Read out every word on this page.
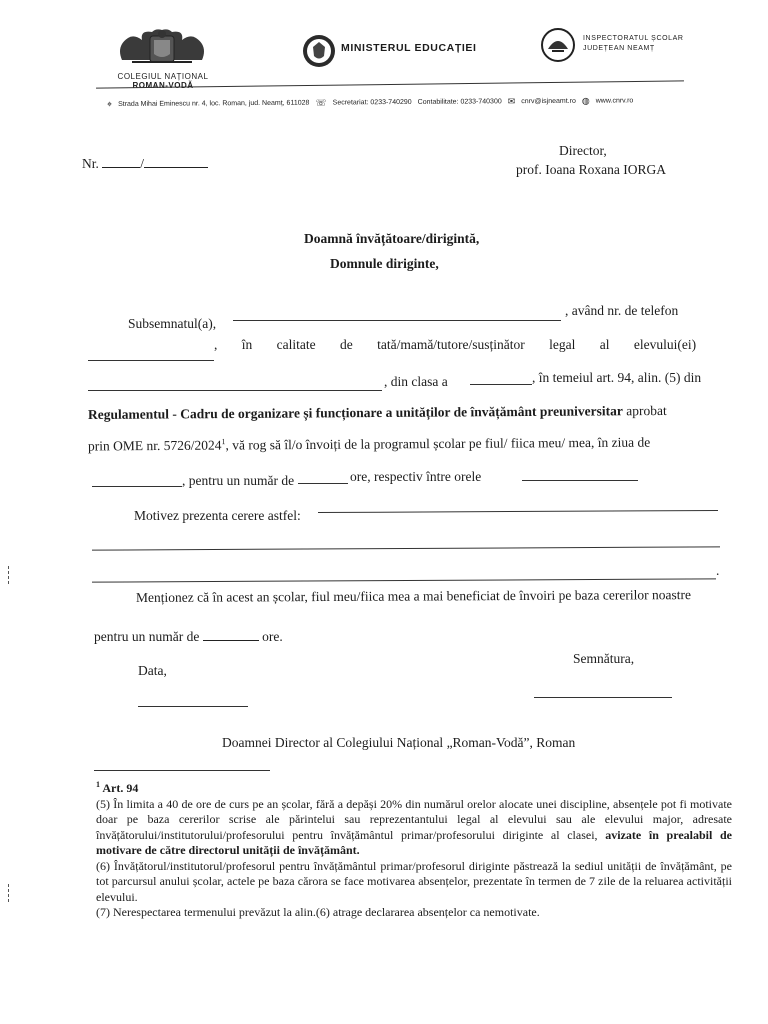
COLEGIUL NAȚIONAL
ROMAN-VODĂ
MINISTERUL EDUCAȚIEI
INSPECTORATUL ȘCOLAR
JUDEȚEAN NEAMȚ
⌖ Strada Mihai Eminescu nr. 4, loc. Roman, jud. Neamț, 611028 ☏ Secretariat: 0233-740290 Contabilitate: 0233-740300 ✉ cnrv@isjneamt.ro ◍ www.cnrv.ro
Nr.	/
Director,
prof. Ioana Roxana IORGA
Doamnă învățătoare/dirigintă,
Domnule diriginte,
Subsemnatul(a),
, având nr. de telefon
, în calitate de tată/mamă/tutore/susținător legal al elevului(ei)
, din clasa a	, în temeiul art. 94, alin. (5) din
Regulamentul - Cadru de organizare și funcționare a unităților de învățământ preuniversitar aprobat
prin OME nr. 5726/2024$^1$, vă rog să îl/o învoiți de la programul școlar pe fiul/ fiica meu/ mea, în ziua de
, pentru un număr de	ore, respectiv între orele
Motivez prezenta cerere astfel:
.
Menționez că în acest an școlar, fiul meu/fiica mea a mai beneficiat de învoiri pe baza cererilor noastre
pentru un număr de	ore.
Data,
Semnătura,
Doamnei Director al Colegiului Național „Roman-Vodă”, Roman
$^1$ Art. 94
(5) În limita a 40 de ore de curs pe an școlar, fără a depăși 20% din numărul orelor alocate unei discipline, absențele pot fi motivate doar pe baza cererilor scrise ale părintelui sau reprezentantului legal al elevului sau ale elevului major, adresate învățătorului/institutorului/profesorului pentru învățământul primar/profesorului diriginte al clasei, avizate în prealabil de motivare de către directorul unității de învățământ.
(6) Învățătorul/institutorul/profesorul pentru învățământul primar/profesorul diriginte păstrează la sediul unității de învățământ, pe tot parcursul anului școlar, actele pe baza cărora se face motivarea absențelor, prezentate în termen de 7 zile de la reluarea activității elevului.
(7) Nerespectarea termenului prevăzut la alin.(6) atrage declararea absențelor ca nemotivate.
